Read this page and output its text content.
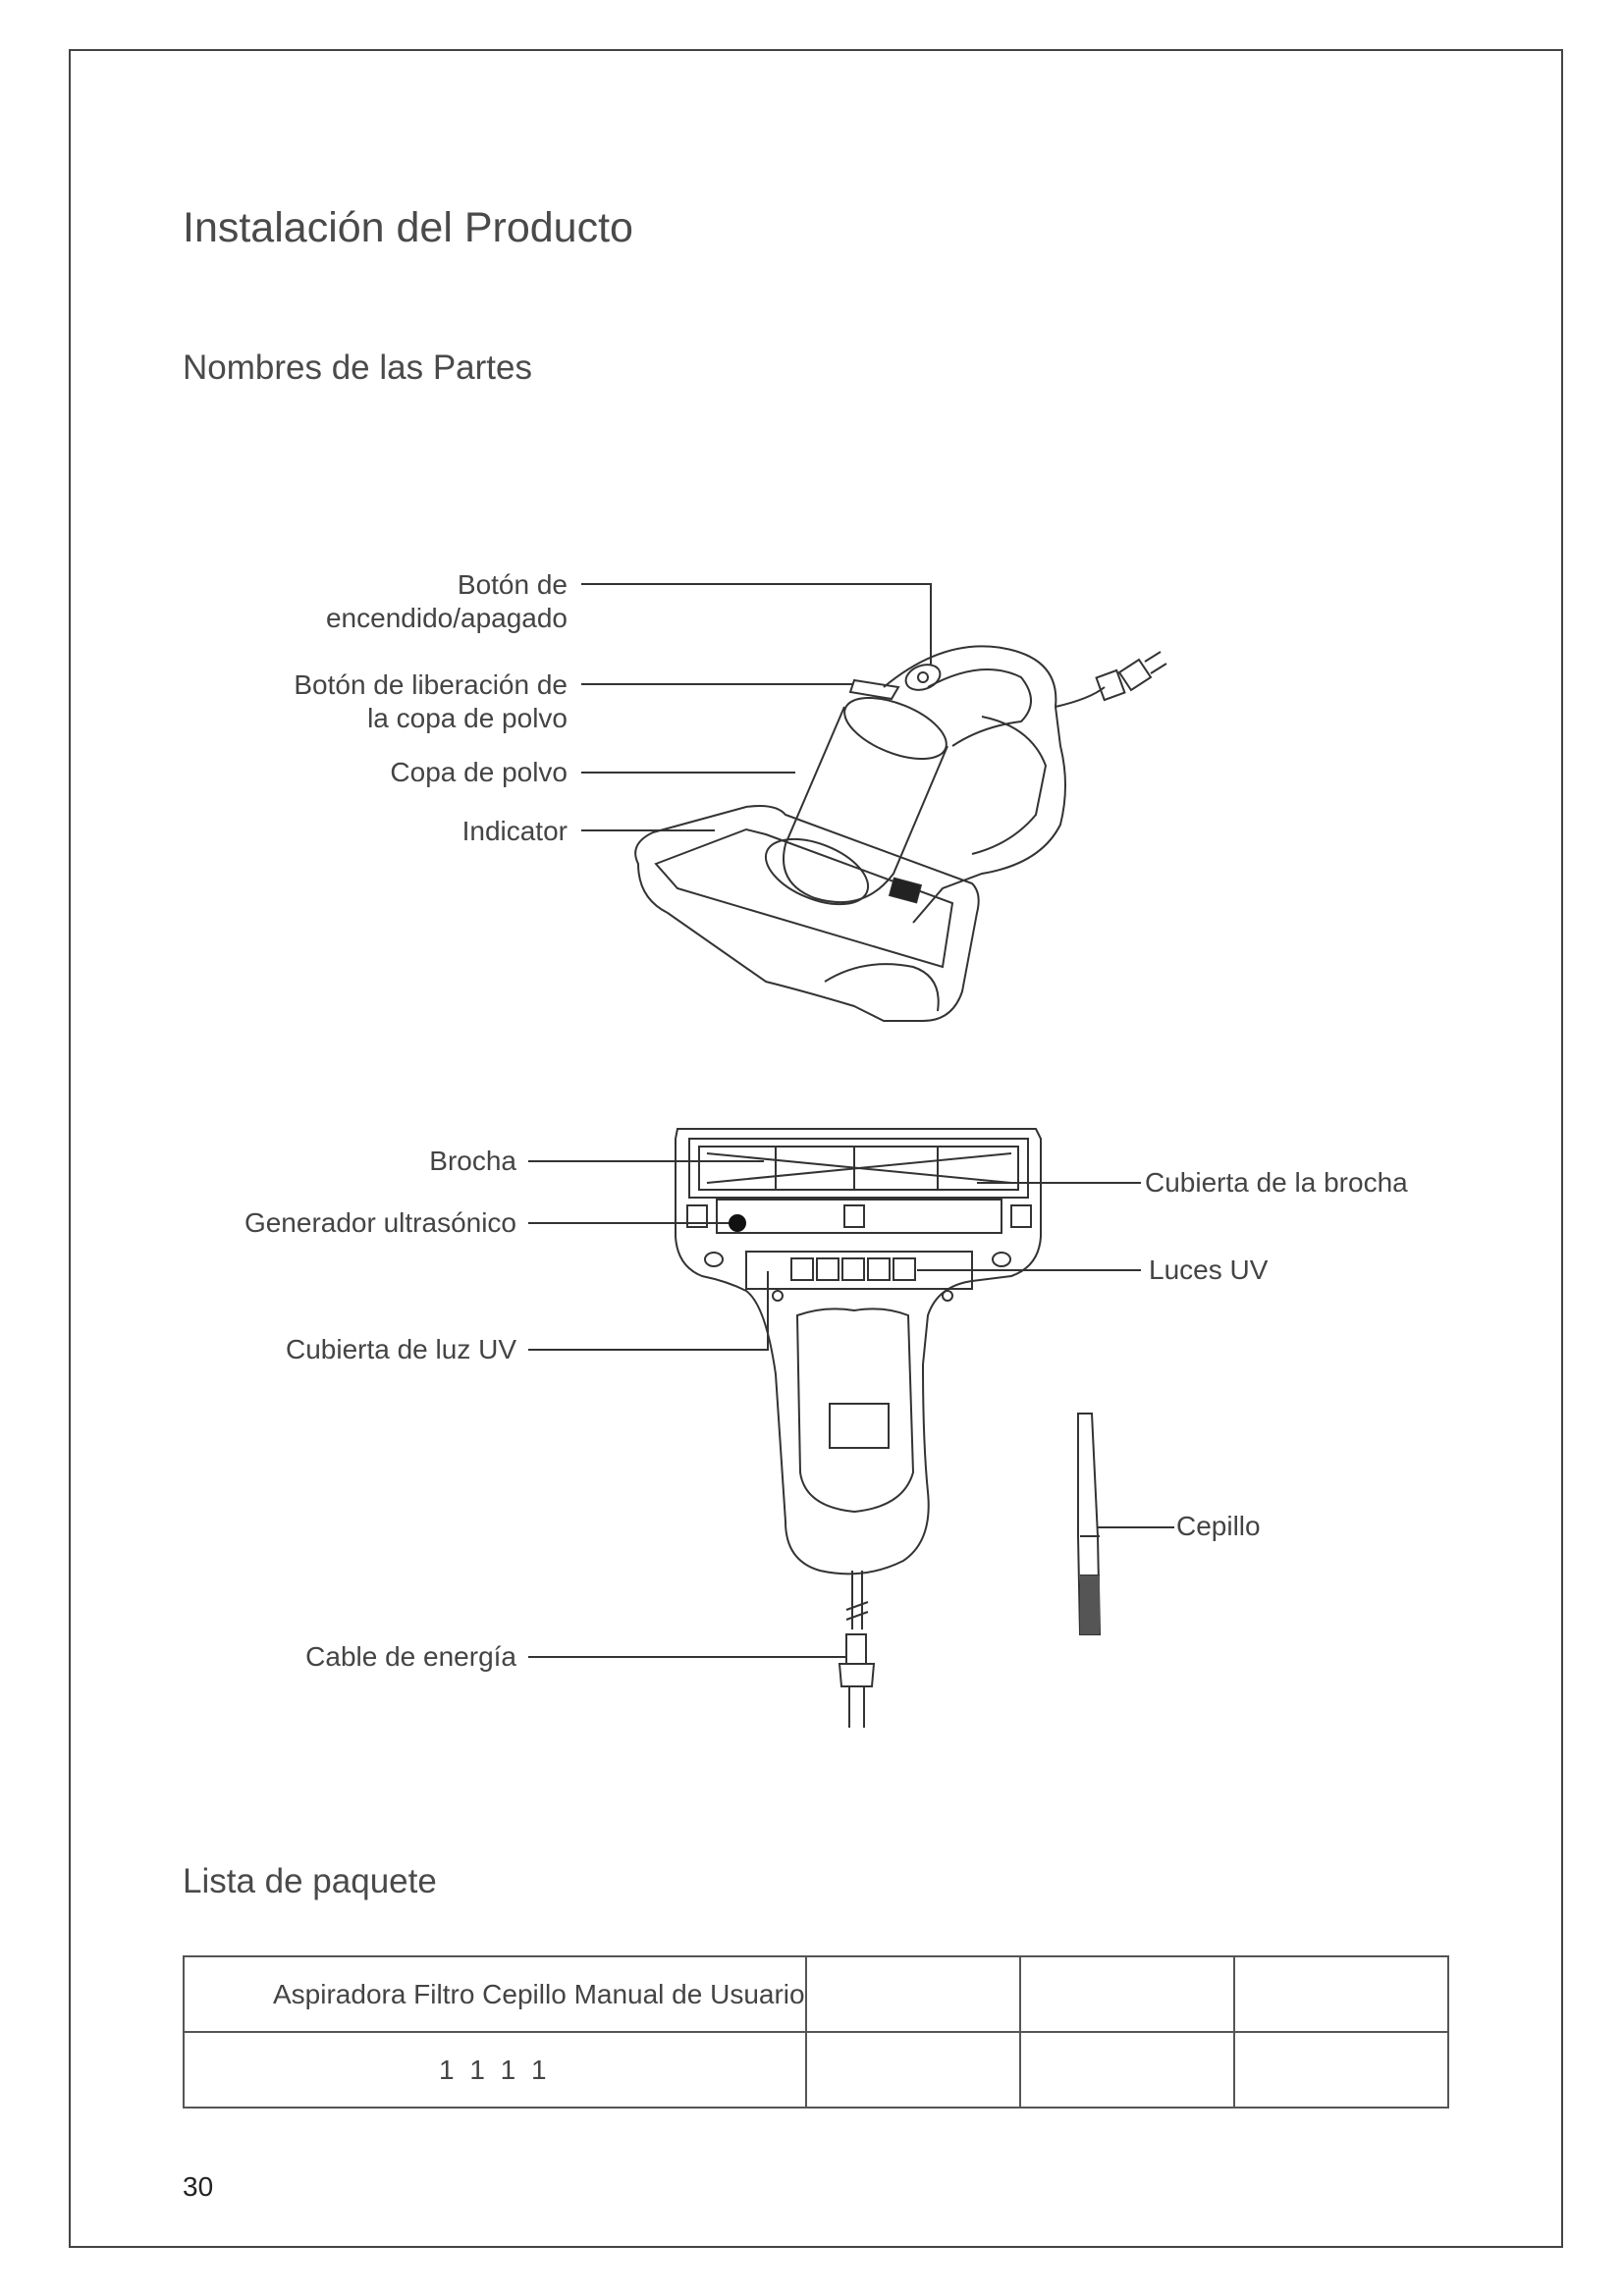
Instalación del Producto
Nombres de las Partes
Botón de
encendido/apagado
Botón de liberación de
la copa de polvo
Copa de polvo
Indicator
Brocha
Generador ultrasónico
Cubierta de luz UV
Cable de energía
Cubierta de la brocha
Luces UV
Cepillo
Lista de paquete
Aspiradora Filtro Cepillo Manual de Usuario			
1 1 1 1			
30
